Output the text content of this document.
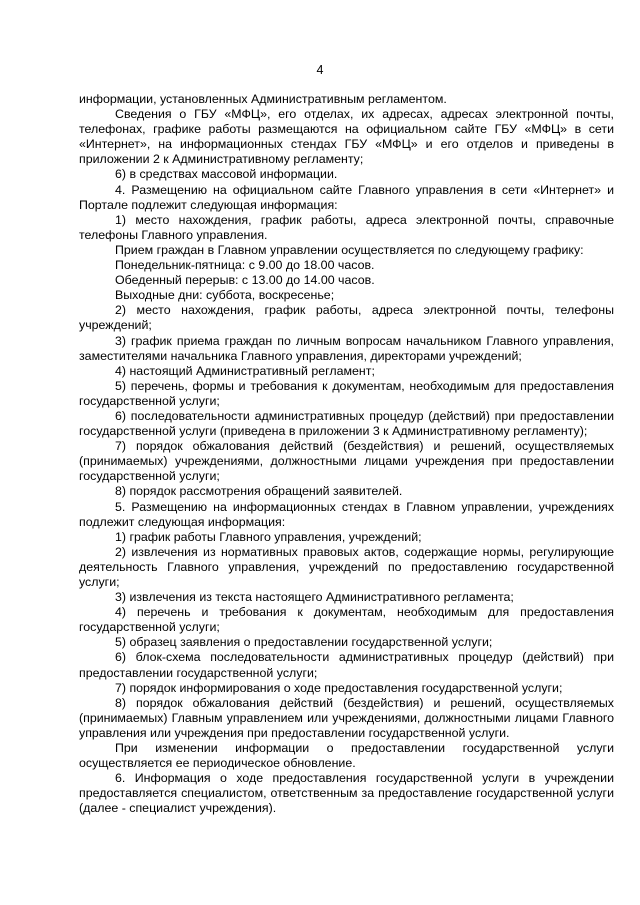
4

информации, установленных Административным регламентом.

Сведения о ГБУ «МФЦ», его отделах, их адресах, адресах электронной почты, телефонах, графике работы размещаются на официальном сайте ГБУ «МФЦ» в сети «Интернет», на информационных стендах ГБУ «МФЦ» и его отделов и приведены в приложении 2 к Административному регламенту;

6) в средствах массовой информации.

4. Размещению на официальном сайте Главного управления в сети «Интернет» и Портале подлежит следующая информация:

1) место нахождения, график работы, адреса электронной почты, справочные телефоны Главного управления.

Прием граждан в Главном управлении осуществляется по следующему графику:

Понедельник-пятница: с 9.00 до 18.00 часов.

Обеденный перерыв: с 13.00 до 14.00 часов.

Выходные дни: суббота, воскресенье;

2) место нахождения, график работы, адреса электронной почты, телефоны учреждений;

3) график приема граждан по личным вопросам начальником Главного управления, заместителями начальника Главного управления, директорами учреждений;

4) настоящий Административный регламент;

5) перечень, формы и требования к документам, необходимым для предоставления государственной услуги;

6) последовательности административных процедур (действий) при предоставлении государственной услуги (приведена в приложении 3 к Административному регламенту);

7) порядок обжалования действий (бездействия) и решений, осуществляемых (принимаемых) учреждениями, должностными лицами учреждения при предоставлении государственной услуги;

8) порядок рассмотрения обращений заявителей.

5. Размещению на информационных стендах в Главном управлении, учреждениях подлежит следующая информация:

1) график работы Главного управления, учреждений;

2) извлечения из нормативных правовых актов, содержащие нормы, регулирующие деятельность Главного управления, учреждений по предоставлению государственной услуги;

3) извлечения из текста настоящего Административного регламента;

4) перечень и требования к документам, необходимым для предоставления государственной услуги;

5) образец заявления о предоставлении государственной услуги;

6) блок-схема последовательности административных процедур (действий) при предоставлении государственной услуги;

7) порядок информирования о ходе предоставления государственной услуги;

8) порядок обжалования действий (бездействия) и решений, осуществляемых (принимаемых) Главным управлением или учреждениями, должностными лицами Главного управления или учреждения при предоставлении государственной услуги.

При изменении информации о предоставлении государственной услуги осуществляется ее периодическое обновление.

6. Информация о ходе предоставления государственной услуги в учреждении предоставляется специалистом, ответственным за предоставление государственной услуги (далее - специалист учреждения).
